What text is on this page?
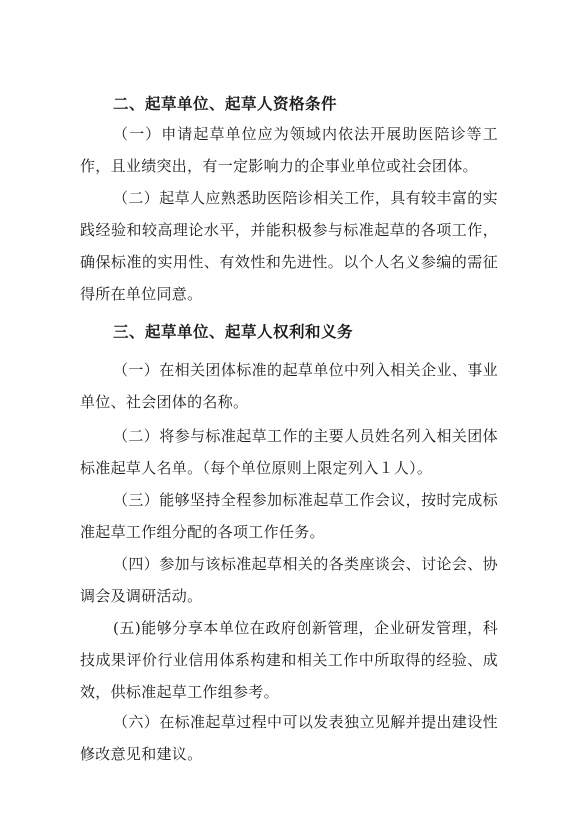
二、起草单位、起草人资格条件

（一）申请起草单位应为领域内依法开展助医陪诊等工作，且业绩突出，有一定影响力的企事业单位或社会团体。

（二）起草人应熟悉助医陪诊相关工作，具有较丰富的实践经验和较高理论水平，并能积极参与标准起草的各项工作，确保标准的实用性、有效性和先进性。以个人名义参编的需征得所在单位同意。

三、起草单位、起草人权利和义务

（一）在相关团体标准的起草单位中列入相关企业、事业单位、社会团体的名称。

（二）将参与标准起草工作的主要人员姓名列入相关团体标准起草人名单。（每个单位原则上限定列入１人）。

（三）能够坚持全程参加标准起草工作会议，按时完成标准起草工作组分配的各项工作任务。

（四）参加与该标准起草相关的各类座谈会、讨论会、协调会及调研活动。

(五)能够分享本单位在政府创新管理，企业研发管理，科技成果评价行业信用体系构建和相关工作中所取得的经验、成效，供标准起草工作组参考。

（六）在标准起草过程中可以发表独立见解并提出建设性修改意见和建议。
